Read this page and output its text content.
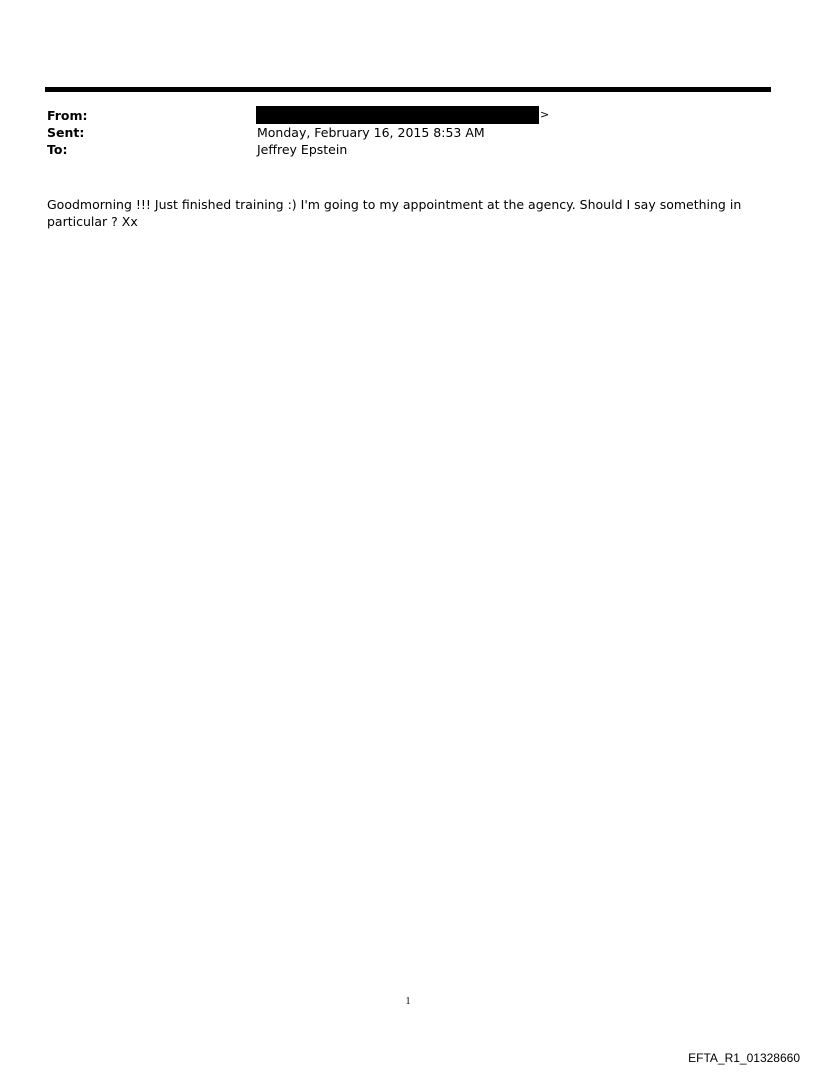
From:	>
Sent:	Monday, February 16, 2015 8:53 AM
To:	Jeffrey Epstein
Goodmorning !!! Just finished training :) I'm going to my appointment at the agency. Should I say something in particular ? Xx
1
EFTA_R1_01328660
